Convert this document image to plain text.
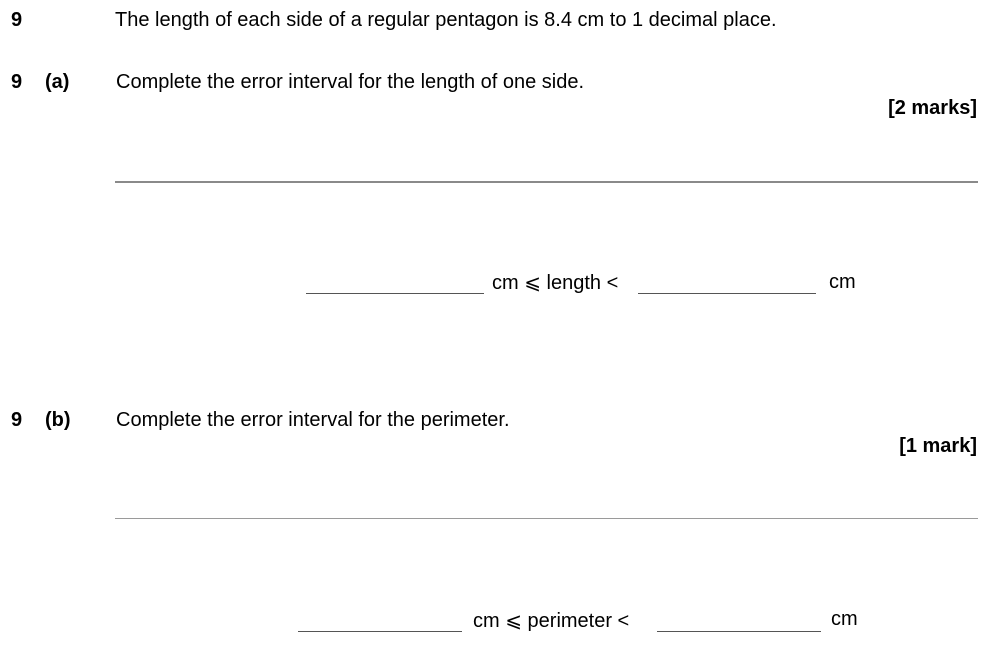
9	The length of each side of a regular pentagon is 8.4 cm to 1 decimal place.
9 (a) Complete the error interval for the length of one side.
[2 marks]
cm ⩽ length <	cm
9 (b) Complete the error interval for the perimeter.
[1 mark]
cm ⩽ perimeter <	cm
